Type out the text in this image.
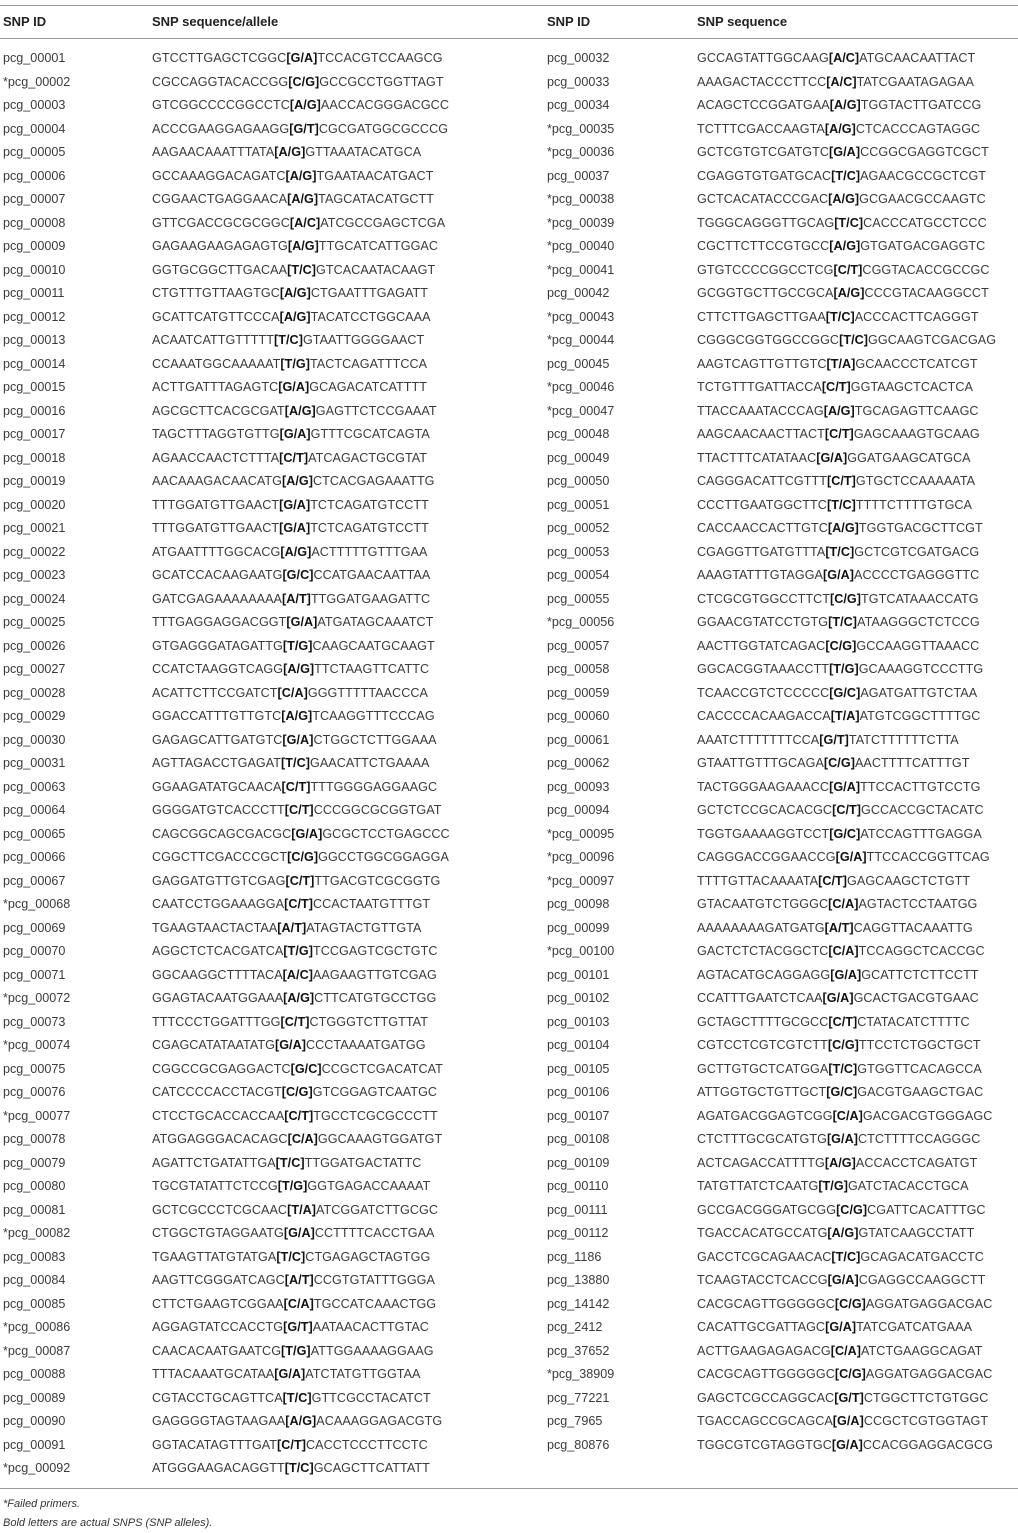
SNP ID	SNP sequence/allele	SNP ID	SNP sequence
pcg_00001	GTCCTTGAGCTCGGC[G/A]TCCACGTCCAAGCG	pcg_00032	GCCAGTATTGGCAAG[A/C]ATGCAACAATTACT
*pcg_00002	CGCCAGGTACACCGG[C/G]GCCGCCTGGTTAGT	pcg_00033	AAAGACTACCCTTCC[A/C]TATCGAATAGAGAA
pcg_00003	GTCGGCCCCGGCCTC[A/G]AACCACGGGACGCC	pcg_00034	ACAGCTCCGGATGAA[A/G]TGGTACTTGATCCG
pcg_00004	ACCCGAAGGAGAAGG[G/T]CGCGATGGCGCCCG	*pcg_00035	TCTTTCGACCAAGTA[A/G]CTCACCCAGTAGGC
pcg_00005	AAGAACAAATTTATA[A/G]GTTAAATACATGCA	*pcg_00036	GCTCGTGTCGATGTC[G/A]CCGGCGAGGTCGCT
pcg_00006	GCCAAAGGACAGATC[A/G]TGAATAACATGACT	pcg_00037	CGAGGTGTGATGCAC[T/C]AGAACGCCGCTCGT
pcg_00007	CGGAACTGAGGAACA[A/G]TAGCATACATGCTT	*pcg_00038	GCTCACATACCCGAC[A/G]GCGAACGCCAAGTC
pcg_00008	GTTCGACCGCGCGGC[A/C]ATCGCCGAGCTCGA	*pcg_00039	TGGGCAGGGTTGCAG[T/C]CACCCATGCCTCCC
pcg_00009	GAGAAGAAGAGAGTG[A/G]TTGCATCATTGGAC	*pcg_00040	CGCTTCTTCCGTGCC[A/G]GTGATGACGAGGTC
pcg_00010	GGTGCGGCTTGACAA[T/C]GTCACAATACAAGT	*pcg_00041	GTGTCCCCGGCCTCG[C/T]CGGTACACCGCCGC
pcg_00011	CTGTTTGTTAAGTGC[A/G]CTGAATTTGAGATT	pcg_00042	GCGGTGCTTGCCGCA[A/G]CCCGTACAAGGCCT
pcg_00012	GCATTCATGTTCCCA[A/G]TACATCCTGGCAAA	*pcg_00043	CTTCTTGAGCTTGAA[T/C]ACCCACTTCAGGGT
pcg_00013	ACAATCATTGTTTTT[T/C]GTAATTGGGGAACT	*pcg_00044	CGGGCGGTGGCCGGC[T/C]GGCAAGTCGACGAG
pcg_00014	CCAAATGGCAAAAAT[T/G]TACTCAGATTTCCA	pcg_00045	AAGTCAGTTGTTGTC[T/A]GCAACCCTCATCGT
pcg_00015	ACTTGATTTAGAGTC[G/A]GCAGACATCATTTT	*pcg_00046	TCTGTTTGATTACCA[C/T]GGTAAGCTCACTCA
pcg_00016	AGCGCTTCACGCGAT[A/G]GAGTTCTCCGAAAT	*pcg_00047	TTACCAAATACCCAG[A/G]TGCAGAGTTCAAGC
pcg_00017	TAGCTTTAGGTGTTG[G/A]GTTTCGCATCAGTA	pcg_00048	AAGCAACAACTTACT[C/T]GAGCAAAGTGCAAG
pcg_00018	AGAACCAACTCTTTA[C/T]ATCAGACTGCGTAT	pcg_00049	TTACTTTCATATAAC[G/A]GGATGAAGCATGCA
pcg_00019	AACAAAGACAACATG[A/G]CTCACGAGAAATTG	pcg_00050	CAGGGACATTCGTTT[C/T]GTGCTCCAAAAATA
pcg_00020	TTTGGATGTTGAACT[G/A]TCTCAGATGTCCTT	pcg_00051	CCCTTGAATGGCTTC[T/C]TTTTCTTTTGTGCA
pcg_00021	TTTGGATGTTGAACT[G/A]TCTCAGATGTCCTT	pcg_00052	CACCAACCACTTGTC[A/G]TGGTGACGCTTCGT
pcg_00022	ATGAATTTTGGCACG[A/G]ACTTTTTGTTTGAA	pcg_00053	CGAGGTTGATGTTTA[T/C]GCTCGTCGATGACG
pcg_00023	GCATCCACAAGAATG[G/C]CCATGAACAATTAA	pcg_00054	AAAGTATTTGTAGGA[G/A]ACCCCTGAGGGTTC
pcg_00024	GATCGAGAAAAAAAA[A/T]TTGGATGAAGATTC	pcg_00055	CTCGCGTGGCCTTCT[C/G]TGTCATAAACCATG
pcg_00025	TTTGAGGAGGACGGT[G/A]ATGATAGCAAATCT	*pcg_00056	GGAACGTATCCTGTG[T/C]ATAAGGGCTCTCCG
pcg_00026	GTGAGGGATAGATTG[T/G]CAAGCAATGCAAGT	pcg_00057	AACTTGGTATCAGAC[C/G]GCCAAGGTTAAACC
pcg_00027	CCATCTAAGGTCAGG[A/G]TTCTAAGTTCATTC	pcg_00058	GGCACGGTAAACCTT[T/G]GCAAAGGTCCCTTG
pcg_00028	ACATTCTTCCGATCT[C/A]GGGTTTTTAACCCA	pcg_00059	TCAACCGTCTCCCCC[G/C]AGATGATTGTCTAA
pcg_00029	GGACCATTTGTTGTC[A/G]TCAAGGTTTCCCAG	pcg_00060	CACCCCACAAGACCA[T/A]ATGTCGGCTTTTGC
pcg_00030	GAGAGCATTGATGTC[G/A]CTGGCTCTTGGAAA	pcg_00061	AAATCTTTTTTTCCA[G/T]TATCTTTTTTCTTA
pcg_00031	AGTTAGACCTGAGAT[T/C]GAACATTCTGAAAA	pcg_00062	GTAATTGTTTGCAGA[C/G]AACTTTTCATTTGT
pcg_00063	GGAAGATATGCAACA[C/T]TTTGGGGAGGAAGC	pcg_00093	TACTGGGAAGAAACC[G/A]TTCCACTTGTCCTG
pcg_00064	GGGGATGTCACCCTT[C/T]CCCGGCGCGGTGAT	pcg_00094	GCTCTCCGCACACGC[C/T]GCCACCGCTACATC
pcg_00065	CAGCGGCAGCGACGC[G/A]GCGCTCCTGAGCCC	*pcg_00095	TGGTGAAAAGGTCCT[G/C]ATCCAGTTTGAGGA
pcg_00066	CGGCTTCGACCCGCT[C/G]GGCCTGGCGGAGGA	*pcg_00096	CAGGGACCGGAACCG[G/A]TTCCACCGGTTCAG
pcg_00067	GAGGATGTTGTCGAG[C/T]TTGACGTCGCGGTG	*pcg_00097	TTTTGTTACAAAATA[C/T]GAGCAAGCTCTGTT
*pcg_00068	CAATCCTGGAAAGGA[C/T]CCACTAATGTTTGT	pcg_00098	GTACAATGTCTGGGC[C/A]AGTACTCCTAATGG
pcg_00069	TGAAGTAACTACTAA[A/T]ATAGTACTGTTGTA	pcg_00099	AAAAAAAAGATGATG[A/T]CAGGTTACAAATTG
pcg_00070	AGGCTCTCACGATCA[T/G]TCCGAGTCGCTGTC	*pcg_00100	GACTCTCTACGGCTC[C/A]TCCAGGCTCACCGC
pcg_00071	GGCAAGGCTTTTACA[A/C]AAGAAGTTGTCGAG	pcg_00101	AGTACATGCAGGAGG[G/A]GCATTCTCTTCCTT
*pcg_00072	GGAGTACAATGGAAA[A/G]CTTCATGTGCCTGG	pcg_00102	CCATTTGAATCTCAA[G/A]GCACTGACGTGAAC
pcg_00073	TTTCCCTGGATTTGG[C/T]CTGGGTCTTGTTAT	pcg_00103	GCTAGCTTTTGCGCC[C/T]CTATACATCTTTTC
*pcg_00074	CGAGCATATAATATG[G/A]CCCTAAAATGATGG	pcg_00104	CGTCCTCGTCGTCTT[C/G]TTCCTCTGGCTGCT
pcg_00075	CGGCCGCGAGGACTC[G/C]CCGCTCGACATCAT	pcg_00105	GCTTGTGCTCATGGA[T/C]GTGGTTCACAGCCA
pcg_00076	CATCCCCACCTACGT[C/G]GTCGGAGTCAATGC	pcg_00106	ATTGGTGCTGTTGCT[G/C]GACGTGAAGCTGAC
*pcg_00077	CTCCTGCACCACCAA[C/T]TGCCTCGCGCCCTT	pcg_00107	AGATGACGGAGTCGG[C/A]GACGACGTGGGAGC
pcg_00078	ATGGAGGGACACAGC[C/A]GGCAAAGTGGATGT	pcg_00108	CTCTTTGCGCATGTG[G/A]CTCTTTTCCAGGGC
pcg_00079	AGATTCTGATATTGA[T/C]TTGGATGACTATTC	pcg_00109	ACTCAGACCATTTTG[A/G]ACCACCTCAGATGT
pcg_00080	TGCGTATATTCTCCG[T/G]GGTGAGACCAAAAT	pcg_00110	TATGTTATCTCAATG[T/G]GATCTACACCTGCA
pcg_00081	GCTCGCCCTCGCAAC[T/A]ATCGGATCTTGCGC	pcg_00111	GCCGACGGGATGCGG[C/G]CGATTCACATTTGC
*pcg_00082	CTGGCTGTAGGAATG[G/A]CCTTTTCACCTGAA	pcg_00112	TGACCACATGCCATG[A/G]GTATCAAGCCTATT
pcg_00083	TGAAGTTATGTATGA[T/C]CTGAGAGCTAGTGG	pcg_1186	GACCTCGCAGAACAC[T/C]GCAGACATGACCTC
pcg_00084	AAGTTCGGGATCAGC[A/T]CCGTGTATTTGGGA	pcg_13880	TCAAGTACCTCACCG[G/A]CGAGGCCAAGGCTT
pcg_00085	CTTCTGAAGTCGGAA[C/A]TGCCATCAAACTGG	pcg_14142	CACGCAGTTGGGGGC[C/G]AGGATGAGGACGAC
*pcg_00086	AGGAGTATCCACCTG[G/T]AATAACACTTGTAC	pcg_2412	CACATTGCGATTAGC[G/A]TATCGATCATGAAA
*pcg_00087	CAACACAATGAATCG[T/G]ATTGGAAAAGGAAG	pcg_37652	ACTTGAAGAGAGACG[C/A]ATCTGAAGGCAGAT
pcg_00088	TTTACAAATGCATAA[G/A]ATCTATGTTGGTAA	*pcg_38909	CACGCAGTTGGGGGC[C/G]AGGATGAGGACGAC
pcg_00089	CGTACCTGCAGTTCA[T/C]GTTCGCCTACATCT	pcg_77221	GAGCTCGCCAGGCAC[G/T]CTGGCTTCTGTGGC
pcg_00090	GAGGGGTAGTAAGAA[A/G]ACAAAGGAGACGTG	pcg_7965	TGACCAGCCGCAGCA[G/A]CCGCTCGTGGTAGT
pcg_00091	GGTACATAGTTTGAT[C/T]CACCTCCCTTCCTC	pcg_80876	TGGCGTCGTAGGTGC[G/A]CCACGGAGGACGCG
*pcg_00092	ATGGGAAGACAGGTT[T/C]GCAGCTTCATTATT
*Failed primers.
Bold letters are actual SNPS (SNP alleles).
